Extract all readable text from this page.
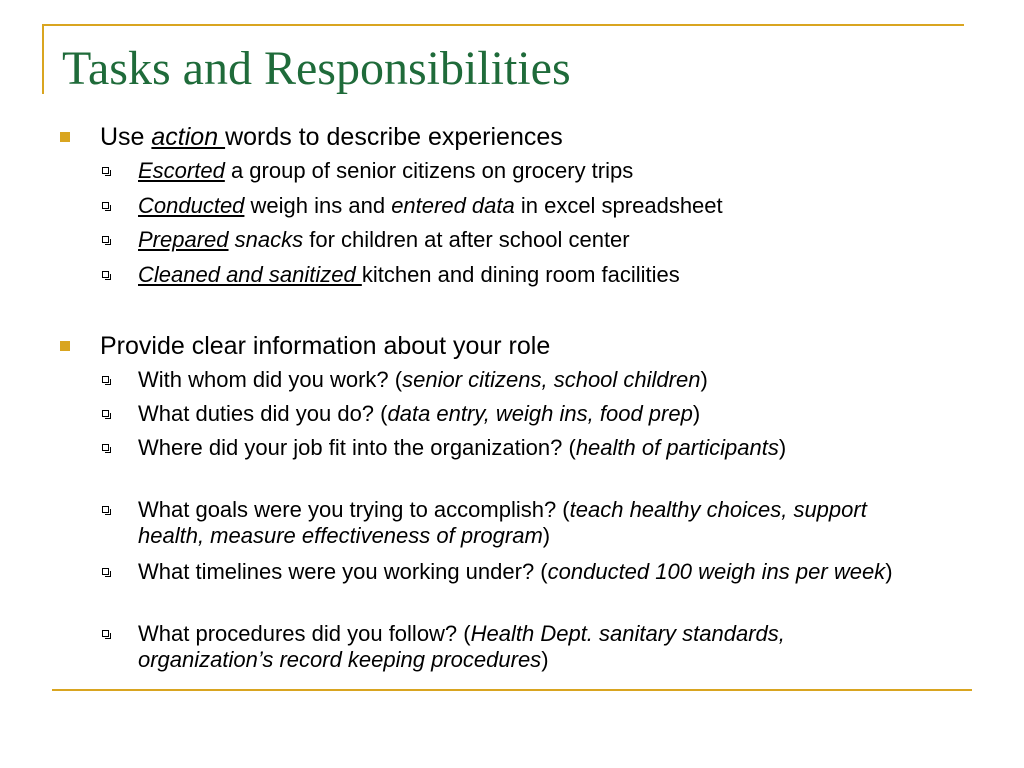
Tasks and Responsibilities
Use action words to describe experiences
Escorted a group of senior citizens on grocery trips
Conducted weigh ins and entered data in excel spreadsheet
Prepared snacks for children at after school center
Cleaned and sanitized kitchen and dining room facilities
Provide clear information about your role
With whom did you work? (senior citizens, school children)
What duties did you do? (data entry, weigh ins, food prep)
Where did your job fit into the organization? (health of participants)
What goals were you trying to accomplish? (teach healthy choices, support health, measure effectiveness of program)
What timelines were you working under? (conducted 100 weigh ins per week)
What procedures did you follow? (Health Dept. sanitary standards, organization’s record keeping procedures)
